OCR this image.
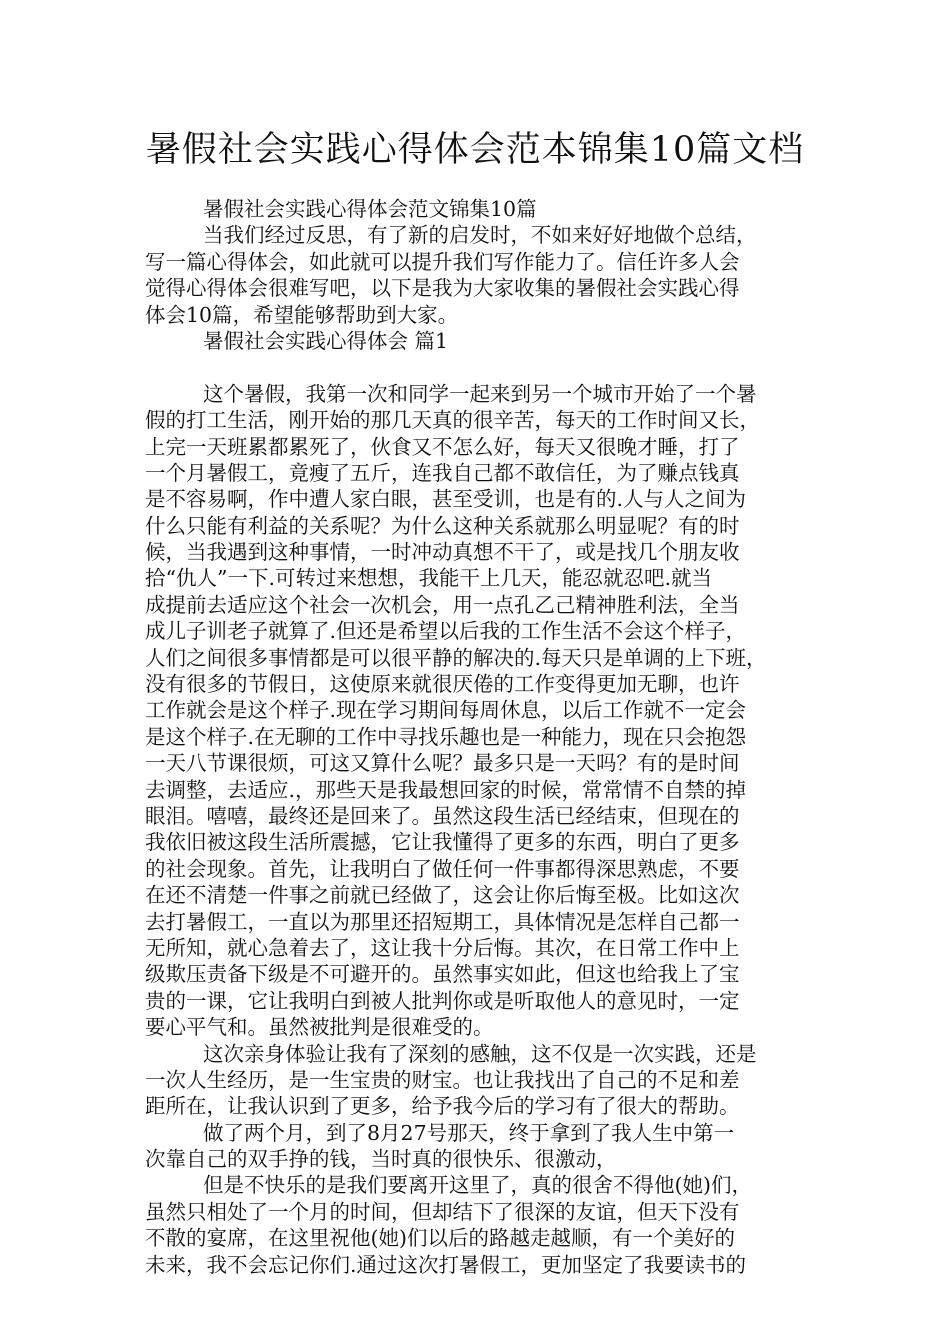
暑假社会实践心得体会范本锦集10篇文档
暑假社会实践心得体会范文锦集10篇
当我们经过反思，有了新的启发时，不如来好好地做个总结，
写一篇心得体会，如此就可以提升我们写作能力了。信任许多人会
觉得心得体会很难写吧，以下是我为大家收集的暑假社会实践心得
体会10篇，希望能够帮助到大家。
暑假社会实践心得体会 篇1
这个暑假，我第一次和同学一起来到另一个城市开始了一个暑
假的打工生活，刚开始的那几天真的很辛苦，每天的工作时间又长，
上完一天班累都累死了，伙食又不怎么好，每天又很晚才睡，打了
一个月暑假工，竟瘦了五斤，连我自己都不敢信任，为了赚点钱真
是不容易啊，作中遭人家白眼，甚至受训，也是有的.人与人之间为
什么只能有利益的关系呢？为什么这种关系就那么明显呢？有的时
候，当我遇到这种事情，一时冲动真想不干了，或是找几个朋友收
拾“仇人”一下.可转过来想想，我能干上几天，能忍就忍吧.就当
成提前去适应这个社会一次机会，用一点孔乙己精神胜利法，全当
成儿子训老子就算了.但还是希望以后我的工作生活不会这个样子，
人们之间很多事情都是可以很平静的解决的.每天只是单调的上下班，
没有很多的节假日，这使原来就很厌倦的工作变得更加无聊，也许
工作就会是这个样子.现在学习期间每周休息，以后工作就不一定会
是这个样子.在无聊的工作中寻找乐趣也是一种能力，现在只会抱怨
一天八节课很烦，可这又算什么呢？最多只是一天吗？有的是时间
去调整，去适应.，那些天是我最想回家的时候，常常情不自禁的掉
眼泪。嘻嘻，最终还是回来了。虽然这段生活已经结束，但现在的
我依旧被这段生活所震撼，它让我懂得了更多的东西，明白了更多
的社会现象。首先，让我明白了做任何一件事都得深思熟虑，不要
在还不清楚一件事之前就已经做了，这会让你后悔至极。比如这次
去打暑假工，一直以为那里还招短期工，具体情况是怎样自己都一
无所知，就心急着去了，这让我十分后悔。其次，在日常工作中上
级欺压责备下级是不可避开的。虽然事实如此，但这也给我上了宝
贵的一课，它让我明白到被人批判你或是听取他人的意见时，一定
要心平气和。虽然被批判是很难受的。
这次亲身体验让我有了深刻的感触，这不仅是一次实践，还是
一次人生经历，是一生宝贵的财宝。也让我找出了自己的不足和差
距所在，让我认识到了更多，给予我今后的学习有了很大的帮助。
做了两个月，到了8月27号那天，终于拿到了我人生中第一
次靠自己的双手挣的钱，当时真的很快乐、很激动，
但是不快乐的是我们要离开这里了，真的很舍不得他(她)们，
虽然只相处了一个月的时间，但却结下了很深的友谊，但天下没有
不散的宴席，在这里祝他(她)们以后的路越走越顺，有一个美好的
未来，我不会忘记你们.通过这次打暑假工，更加坚定了我要读书的
